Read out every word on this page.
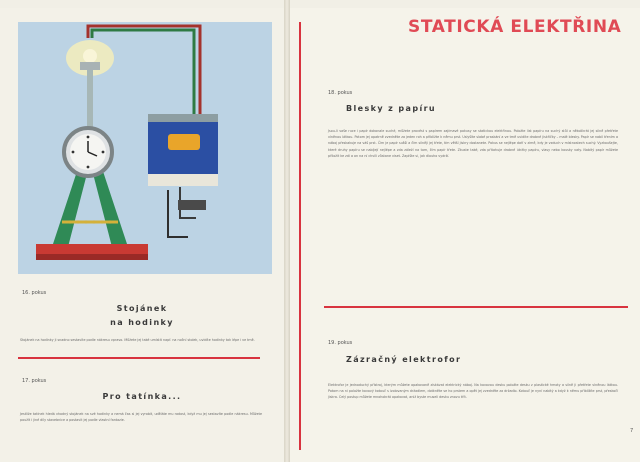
16. pokus
Stojánek
na hodinky
Stojánek na hodinky ji snadno sestavíte podle nákresu vpravo. Můžete jej také umístit např. na noční stolek, uvidíte hodinky tak lépe i ve tmě.
17. pokus
Pro tatínka...
Jestliže tatínek hledá vhodný stojánek na své hodinky a nemá čas si jej vyrobit, uděláte mu radost, když mu jej sestavíte podle nákresu. Můžete použít i jiné díly stavebnice a postavit jej podle vlastní fantazie.
STATICKÁ ELEKTŘINA
18. pokus
Blesky z papíru
Jsou-li vaše ruce i papír dokonale suché, můžete provést s papírem zajímavé pokusy se statickou elektřinou. Položte list papíru na suchý stůl a několikrát jej silně přetřete vlněnou látkou. Potom jej opatrně zvedněte za jeden roh a přibližte k němu prst. Uslyšíte slabé praskání a ve tmě uvidíte drobné jiskřičky – malé blesky. Papír se nabil třením a náboj přeskakuje na váš prst. Čím je papír sušší a čím silněji jej třete, tím větší jiskry dostanete. Pokus se nejlépe daří v zimě, kdy je vzduch v místnostech suchý. Vyzkoušejte, které druhy papíru se nabíjejí nejlépe a zda záleží na tom, čím papír třete. Zkuste také, zda přitahuje drobné útržky papíru, vlasy nebo kousky vaty. Nabitý papír můžete přiložit ke zdi a on na ní chvíli zůstane viset. Zapište si, jak dlouho vydrží.
19. pokus
Zázračný elektrofor
Elektrofor je jednoduchý přístroj, kterým můžete opakovaně získávat elektrický náboj. Na kovovou desku položte desku z plastické hmoty a silně ji přetřete vlněnou látkou. Potom na ni položte kovový kotouč s izolovaným držadlem, dotkněte se ho prstem a opět jej zvedněte za držadlo. Kotouč je nyní nabitý a když k němu přiblížíte prst, přeskočí jiskra. Celý postup můžete mnohokrát opakovat, aniž byste museli desku znovu třít.
7
